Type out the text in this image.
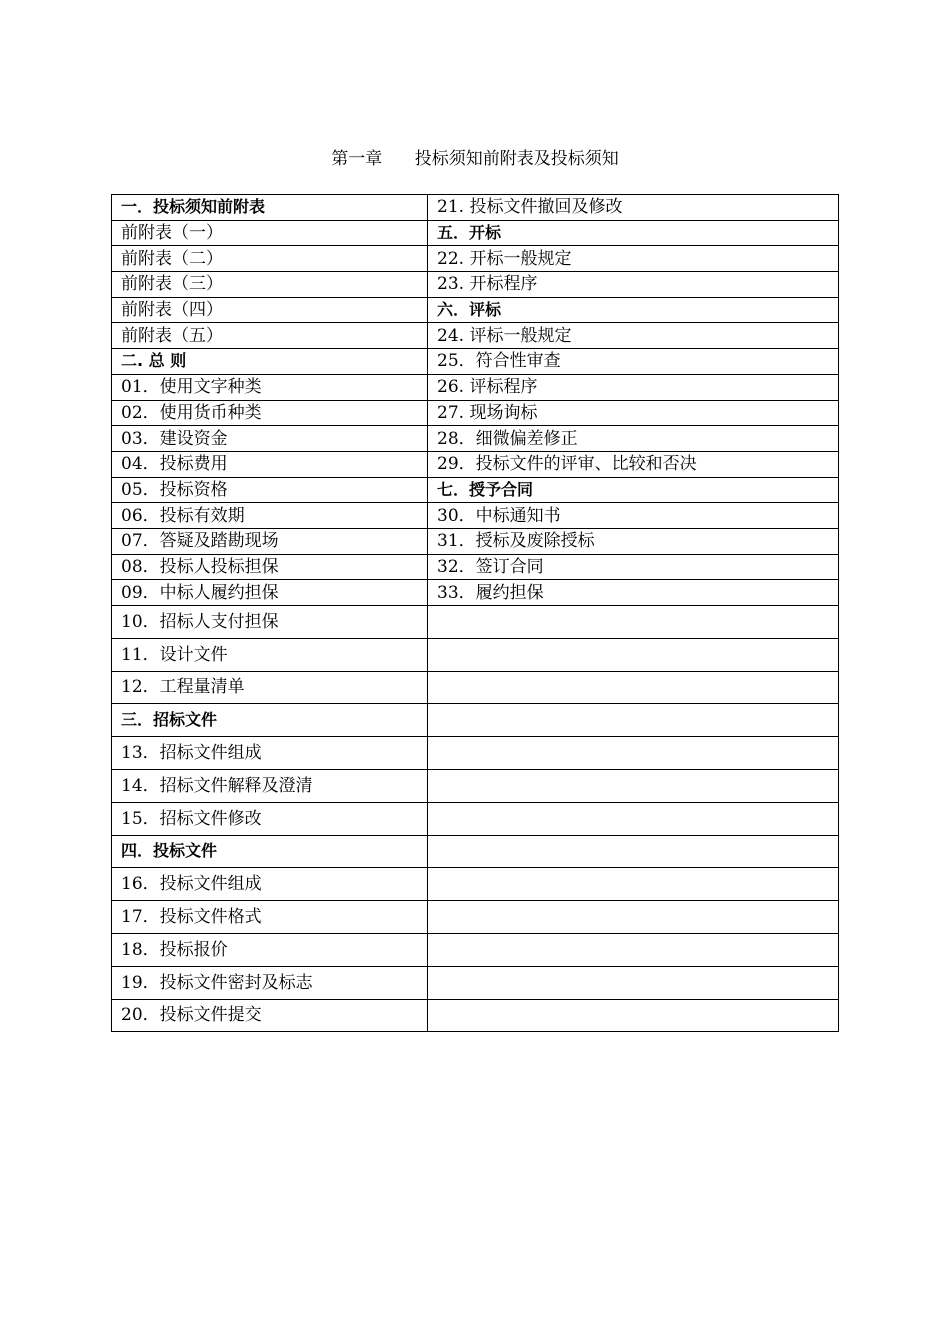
第一章      投标须知前附表及投标须知
一．投标须知前附表	21. 投标文件撤回及修改
前附表（一）	五．开标
前附表（二）	22. 开标一般规定
前附表（三）	23. 开标程序
前附表（四）	六．评标
前附表（五）	24. 评标一般规定
二. 总 则	25．符合性审查
01．使用文字种类	26. 评标程序
02．使用货币种类	27. 现场询标
03．建设资金	28．细微偏差修正
04．投标费用	29．投标文件的评审、比较和否决
05．投标资格	七．授予合同
06．投标有效期	30．中标通知书
07．答疑及踏勘现场	31．授标及废除授标
08．投标人投标担保	32．签订合同
09．中标人履约担保	33．履约担保
10．招标人支付担保	
11．设计文件	
12．工程量清单	
三．招标文件	
13．招标文件组成	
14．招标文件解释及澄清	
15．招标文件修改	
四．投标文件	
16．投标文件组成	
17．投标文件格式	
18．投标报价	
19．投标文件密封及标志	
20．投标文件提交	
